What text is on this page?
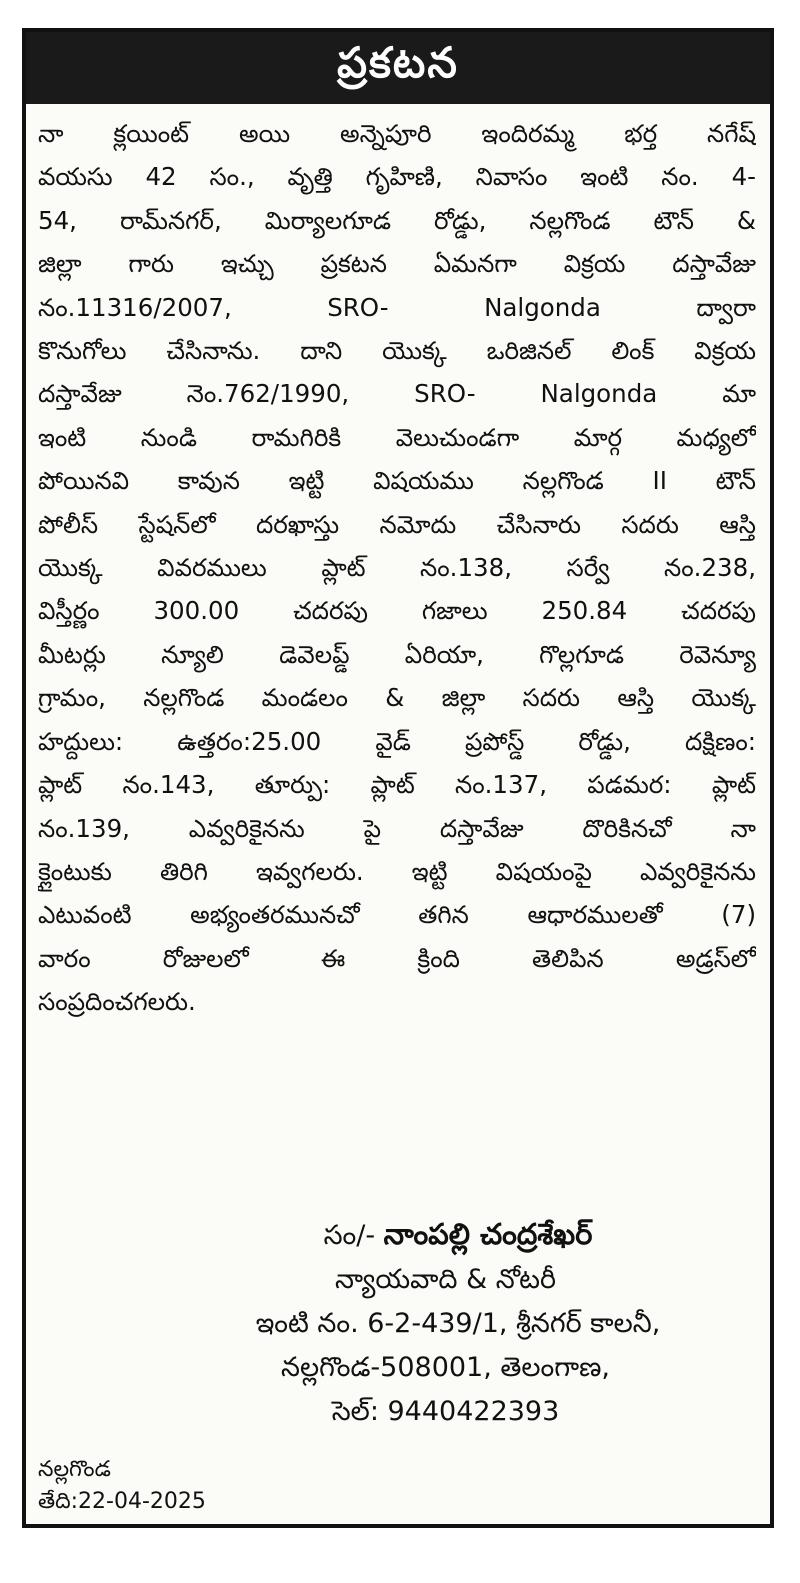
ప్రకటన
నా క్లయింట్ అయి అన్నెపూరి ఇందిరమ్మ భర్త నగేష్
వయసు 42 సం., వృత్తి గృహిణి, నివాసం ఇంటి నం. 4-
54, రామ్‌నగర్, మిర్యాలగూడ రోడ్డు, నల్లగొండ టౌన్ &
జిల్లా గారు ఇచ్చు ప్రకటన ఏమనగా విక్రయ దస్తావేజు
నం.11316/2007, SRO- Nalgonda ద్వారా
కొనుగోలు చేసినాను. దాని యొక్క ఒరిజినల్ లింక్ విక్రయ
దస్తావేజు నెం.762/1990, SRO- Nalgonda మా
ఇంటి నుండి రామగిరికి వెలుచుండగా మార్గ మధ్యలో
పోయినవి కావున ఇట్టి విషయము నల్లగొండ II టౌన్
పోలీస్ స్టేషన్‌లో దరఖాస్తు నమోదు చేసినారు సదరు ఆస్తి
యొక్క వివరములు ప్లాట్ నం.138, సర్వే నం.238,
విస్తీర్ణం 300.00 చదరపు గజాలు 250.84 చదరపు
మీటర్లు న్యూలి డెవెలప్డ్ ఏరియా, గొల్లగూడ రెవెన్యూ
గ్రామం, నల్లగొండ మండలం & జిల్లా సదరు ఆస్తి యొక్క
హద్దులు: ఉత్తరం:25.00 వైడ్ ప్రపోస్డ్ రోడ్డు, దక్షిణం:
ప్లాట్ నం.143, తూర్పు: ప్లాట్ నం.137, పడమర: ప్లాట్
నం.139, ఎవ్వరికైనను పై దస్తావేజు దొరికినచో నా
క్లైంటుకు తిరిగి ఇవ్వగలరు. ఇట్టి విషయంపై ఎవ్వరికైనను
ఎటువంటి అభ్యంతరమునచో తగిన ఆధారములతో (7)
వారం రోజులలో ఈ క్రింది తెలిపిన అడ్రస్‌లో
సంప్రదించగలరు.
సం/- నాంపల్లి చంద్రశేఖర్
న్యాయవాది & నోటరీ
ఇంటి నం. 6-2-439/1, శ్రీనగర్ కాలనీ,
నల్లగొండ-508001, తెలంగాణ,
సెల్: 9440422393
నల్లగొండ
తేది:22-04-2025
